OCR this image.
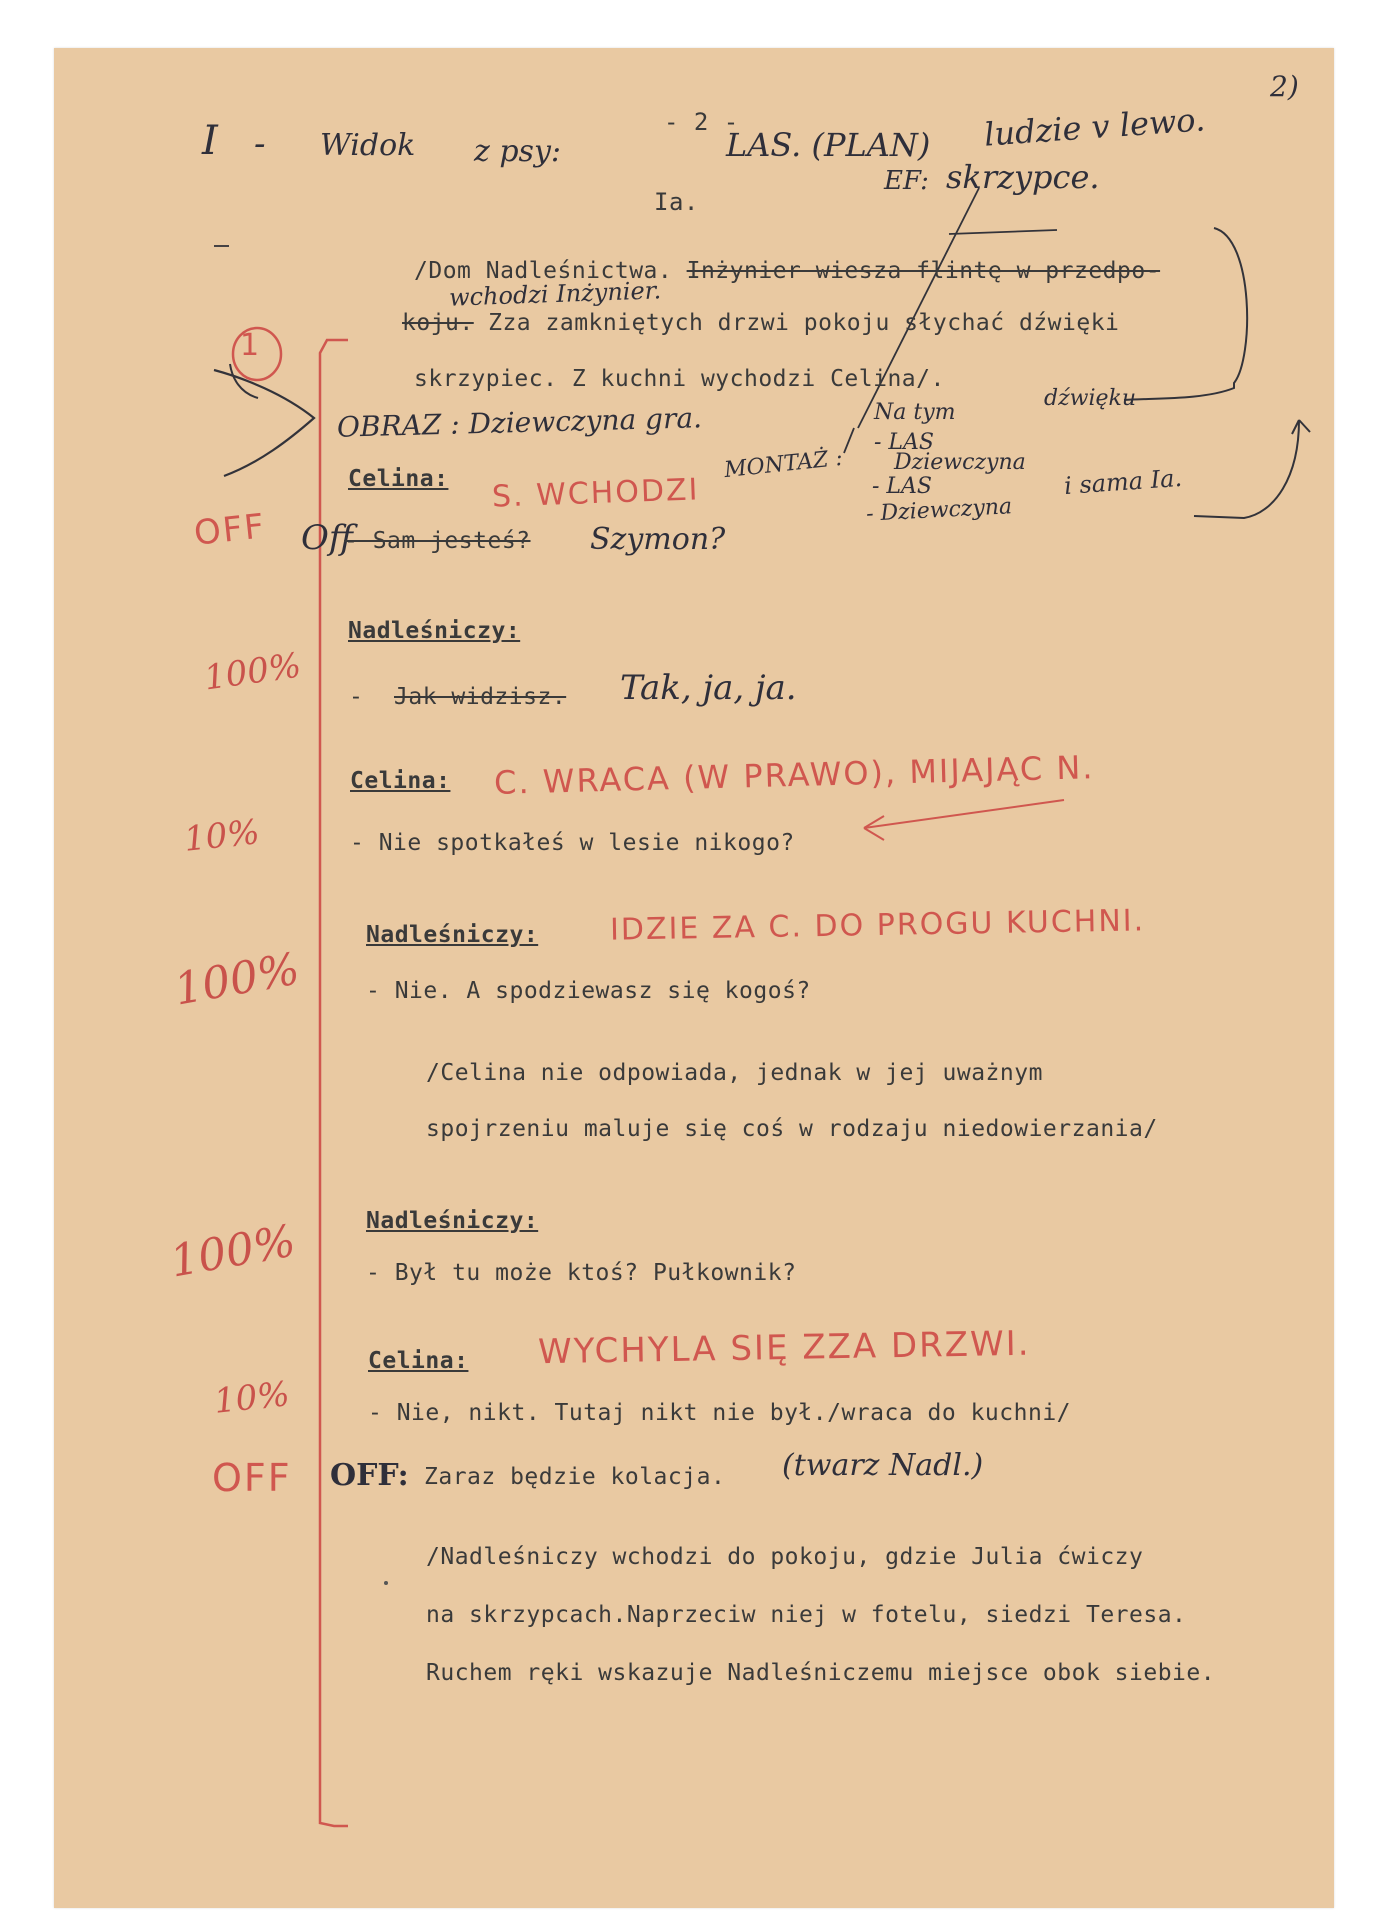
I - Widok z psy:
- 2 -
LAS. (PLAN) ludzie v lewo.
2)
EF: skrzypce.
Ia.
/Dom Nadleśnictwa. Inżynier wiesza flintę w przedpo-
wchodzi Inżynier.
koju. Zza zamkniętych drzwi pokoju słychać dźwięki
skrzypiec. Z kuchni wychodzi Celina/.
1
OBRAZ : Dziewczyna gra.
MONTAŻ :
Na tym
dźwięku
- LAS
Dziewczyna
- LAS
- Dziewczyna
i sama Ia.
Celina: S. WCHODZI
OFF Off
- Sam jesteś? Szymon?
Nadleśniczy:
100% - Jak widzisz. Tak, ja, ja.
Celina: C. WRACA (W PRAWO), MIJAJĄC N.
10%	- Nie spotkałeś w lesie nikogo?
Nadleśniczy: IDZIE ZA C. DO PROGU KUCHNI.
100%	- Nie. A spodziewasz się kogoś?
/Celina nie odpowiada, jednak w jej uważnym
spojrzeniu maluje się coś w rodzaju niedowierzania/
Nadleśniczy:
100%	- Był tu może ktoś? Pułkownik?
Celina: WYCHYLA SIĘ ZZA DRZWI.
10%	- Nie, nikt. Tutaj nikt nie był./wraca do kuchni/
OFF OFF: Zaraz będzie kolacja. (twarz Nadl.)
/Nadleśniczy wchodzi do pokoju, gdzie Julia ćwiczy
na skrzypcach.Naprzeciw niej w fotelu, siedzi Teresa.
Ruchem ręki wskazuje Nadleśniczemu miejsce obok siebie.
